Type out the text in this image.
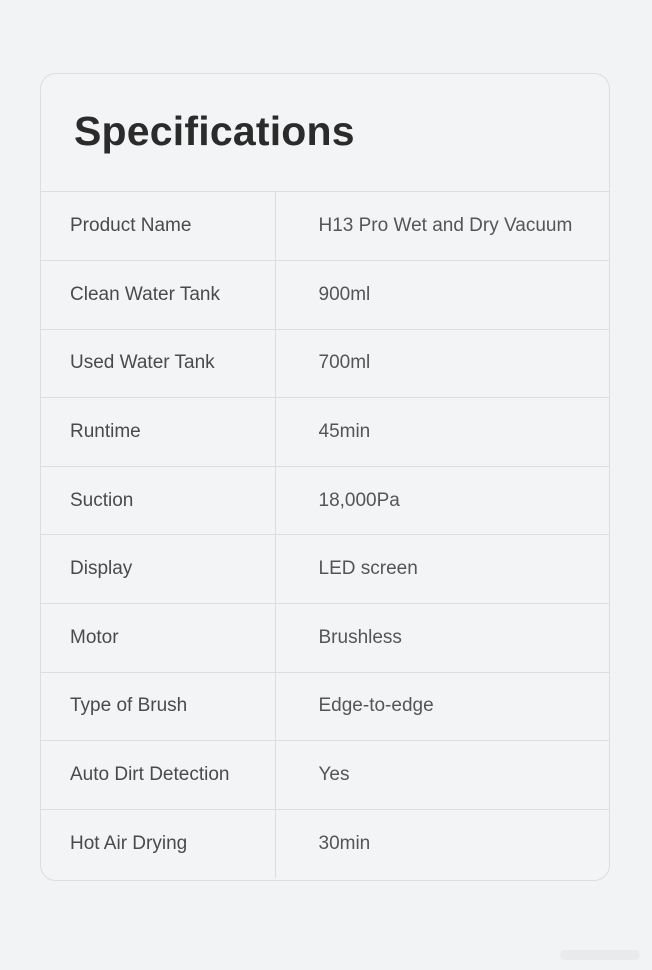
Specifications
Product Name	H13 Pro Wet and Dry Vacuum
Clean Water Tank	900ml
Used Water Tank	700ml
Runtime	45min
Suction	18,000Pa
Display	LED screen
Motor	Brushless
Type of Brush	Edge-to-edge
Auto Dirt Detection	Yes
Hot Air Drying	30min
